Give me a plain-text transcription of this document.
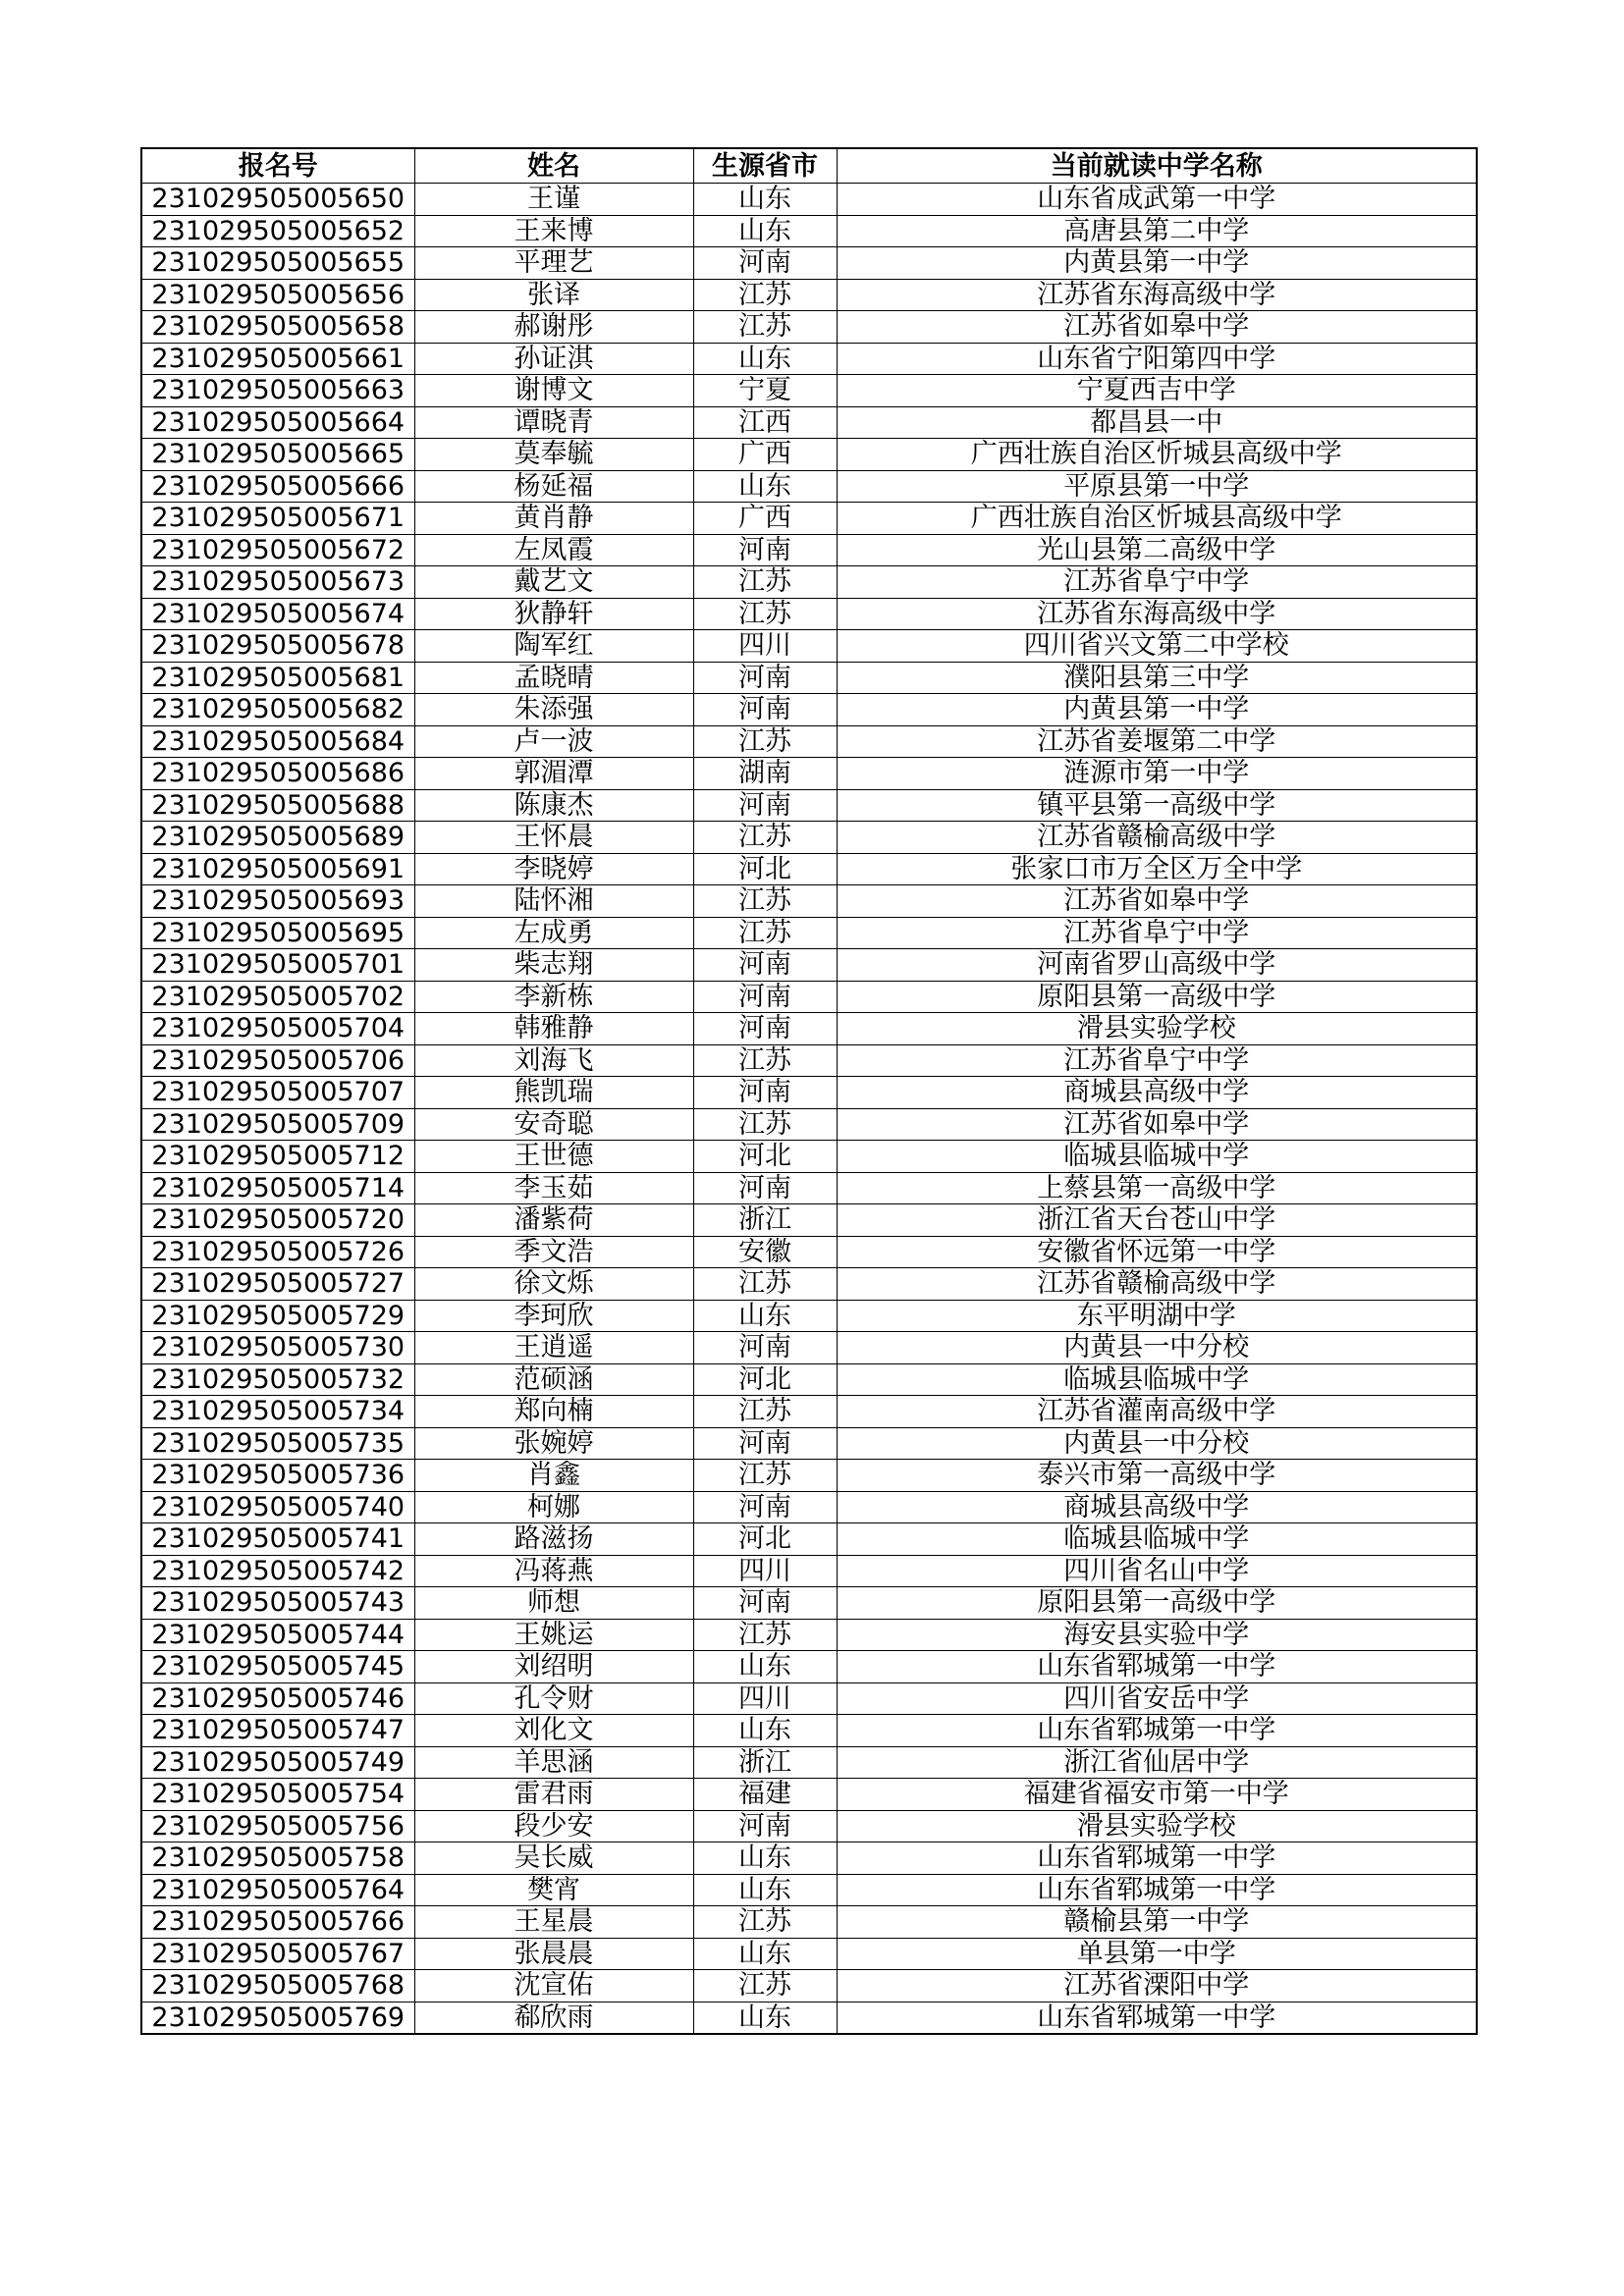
报名号	姓名	生源省市	当前就读中学名称
231029505005650	王谨	山东	山东省成武第一中学
231029505005652	王来博	山东	高唐县第二中学
231029505005655	平理艺	河南	内黄县第一中学
231029505005656	张译	江苏	江苏省东海高级中学
231029505005658	郝谢彤	江苏	江苏省如皋中学
231029505005661	孙证淇	山东	山东省宁阳第四中学
231029505005663	谢博文	宁夏	宁夏西吉中学
231029505005664	谭晓青	江西	都昌县一中
231029505005665	莫奉毓	广西	广西壮族自治区忻城县高级中学
231029505005666	杨延福	山东	平原县第一中学
231029505005671	黄肖静	广西	广西壮族自治区忻城县高级中学
231029505005672	左凤霞	河南	光山县第二高级中学
231029505005673	戴艺文	江苏	江苏省阜宁中学
231029505005674	狄静轩	江苏	江苏省东海高级中学
231029505005678	陶军红	四川	四川省兴文第二中学校
231029505005681	孟晓晴	河南	濮阳县第三中学
231029505005682	朱添强	河南	内黄县第一中学
231029505005684	卢一波	江苏	江苏省姜堰第二中学
231029505005686	郭湄潭	湖南	涟源市第一中学
231029505005688	陈康杰	河南	镇平县第一高级中学
231029505005689	王怀晨	江苏	江苏省赣榆高级中学
231029505005691	李晓婷	河北	张家口市万全区万全中学
231029505005693	陆怀湘	江苏	江苏省如皋中学
231029505005695	左成勇	江苏	江苏省阜宁中学
231029505005701	柴志翔	河南	河南省罗山高级中学
231029505005702	李新栋	河南	原阳县第一高级中学
231029505005704	韩雅静	河南	滑县实验学校
231029505005706	刘海飞	江苏	江苏省阜宁中学
231029505005707	熊凯瑞	河南	商城县高级中学
231029505005709	安奇聪	江苏	江苏省如皋中学
231029505005712	王世德	河北	临城县临城中学
231029505005714	李玉茹	河南	上蔡县第一高级中学
231029505005720	潘紫荷	浙江	浙江省天台苍山中学
231029505005726	季文浩	安徽	安徽省怀远第一中学
231029505005727	徐文烁	江苏	江苏省赣榆高级中学
231029505005729	李珂欣	山东	东平明湖中学
231029505005730	王逍遥	河南	内黄县一中分校
231029505005732	范硕涵	河北	临城县临城中学
231029505005734	郑向楠	江苏	江苏省灌南高级中学
231029505005735	张婉婷	河南	内黄县一中分校
231029505005736	肖鑫	江苏	泰兴市第一高级中学
231029505005740	柯娜	河南	商城县高级中学
231029505005741	路滋扬	河北	临城县临城中学
231029505005742	冯蒋燕	四川	四川省名山中学
231029505005743	师想	河南	原阳县第一高级中学
231029505005744	王姚运	江苏	海安县实验中学
231029505005745	刘绍明	山东	山东省郓城第一中学
231029505005746	孔令财	四川	四川省安岳中学
231029505005747	刘化文	山东	山东省郓城第一中学
231029505005749	羊思涵	浙江	浙江省仙居中学
231029505005754	雷君雨	福建	福建省福安市第一中学
231029505005756	段少安	河南	滑县实验学校
231029505005758	吴长威	山东	山东省郓城第一中学
231029505005764	樊宵	山东	山东省郓城第一中学
231029505005766	王星晨	江苏	赣榆县第一中学
231029505005767	张晨晨	山东	单县第一中学
231029505005768	沈宣佑	江苏	江苏省溧阳中学
231029505005769	郗欣雨	山东	山东省郓城第一中学
